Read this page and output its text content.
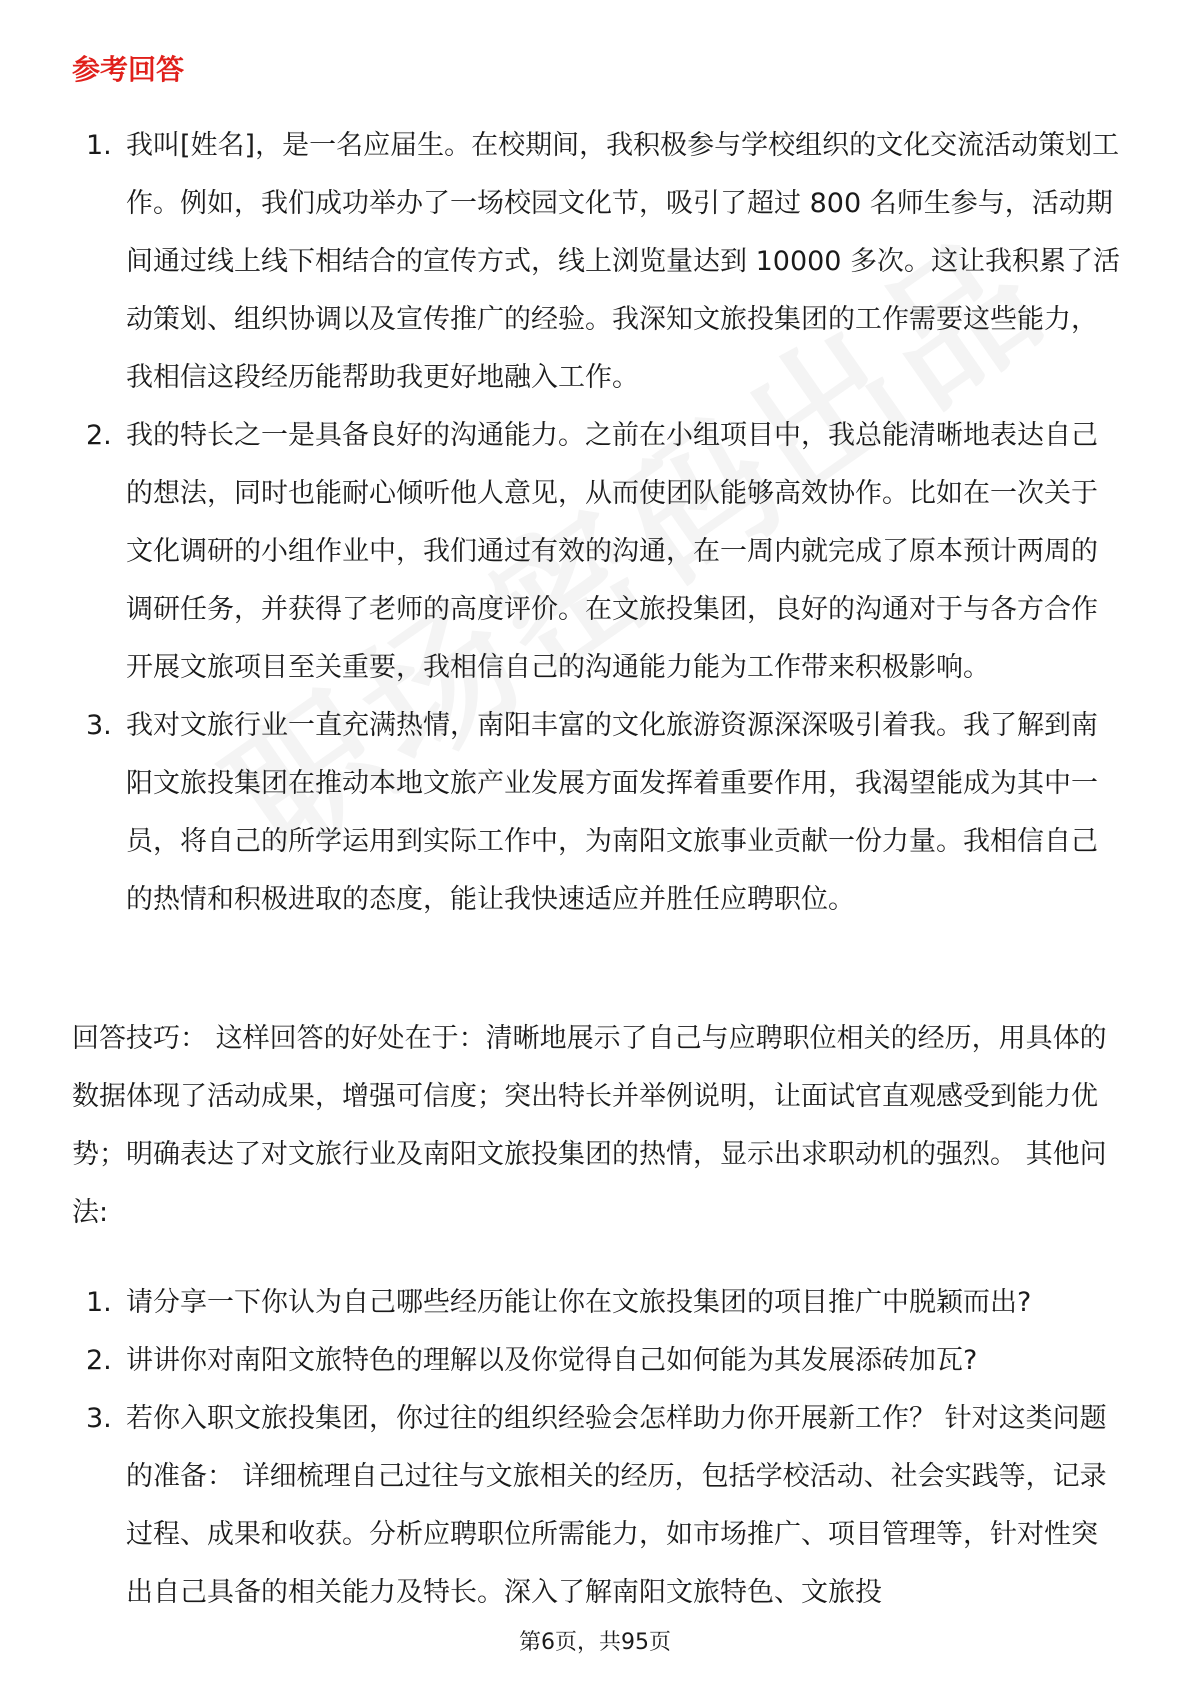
参考回答
1. 我叫[姓名]，是一名应届生。在校期间，我积极参与学校组织的文化交流活动策划工作。例如，我们成功举办了一场校园文化节，吸引了超过 800 名师生参与，活动期间通过线上线下相结合的宣传方式，线上浏览量达到 10000 多次。这让我积累了活动策划、组织协调以及宣传推广的经验。我深知文旅投集团的工作需要这些能力，我相信这段经历能帮助我更好地融入工作。
2. 我的特长之一是具备良好的沟通能力。之前在小组项目中，我总能清晰地表达自己的想法，同时也能耐心倾听他人意见，从而使团队能够高效协作。比如在一次关于文化调研的小组作业中，我们通过有效的沟通，在一周内就完成了原本预计两周的调研任务，并获得了老师的高度评价。在文旅投集团，良好的沟通对于与各方合作开展文旅项目至关重要，我相信自己的沟通能力能为工作带来积极影响。
3. 我对文旅行业一直充满热情，南阳丰富的文化旅游资源深深吸引着我。我了解到南阳文旅投集团在推动本地文旅产业发展方面发挥着重要作用，我渴望能成为其中一员，将自己的所学运用到实际工作中，为南阳文旅事业贡献一份力量。我相信自己的热情和积极进取的态度，能让我快速适应并胜任应聘职位。

回答技巧： 这样回答的好处在于：清晰地展示了自己与应聘职位相关的经历，用具体的数据体现了活动成果，增强可信度；突出特长并举例说明，让面试官直观感受到能力优势；明确表达了对文旅行业及南阳文旅投集团的热情，显示出求职动机的强烈。 其他问法:

1. 请分享一下你认为自己哪些经历能让你在文旅投集团的项目推广中脱颖而出?
2. 讲讲你对南阳文旅特色的理解以及你觉得自己如何能为其发展添砖加瓦?
3. 若你入职文旅投集团，你过往的组织经验会怎样助力你开展新工作？ 针对这类问题的准备： 详细梳理自己过往与文旅相关的经历，包括学校活动、社会实践等，记录过程、成果和收获。分析应聘职位所需能力，如市场推广、项目管理等，针对性突出自己具备的相关能力及特长。深入了解南阳文旅特色、文旅投
第6页，共95页
